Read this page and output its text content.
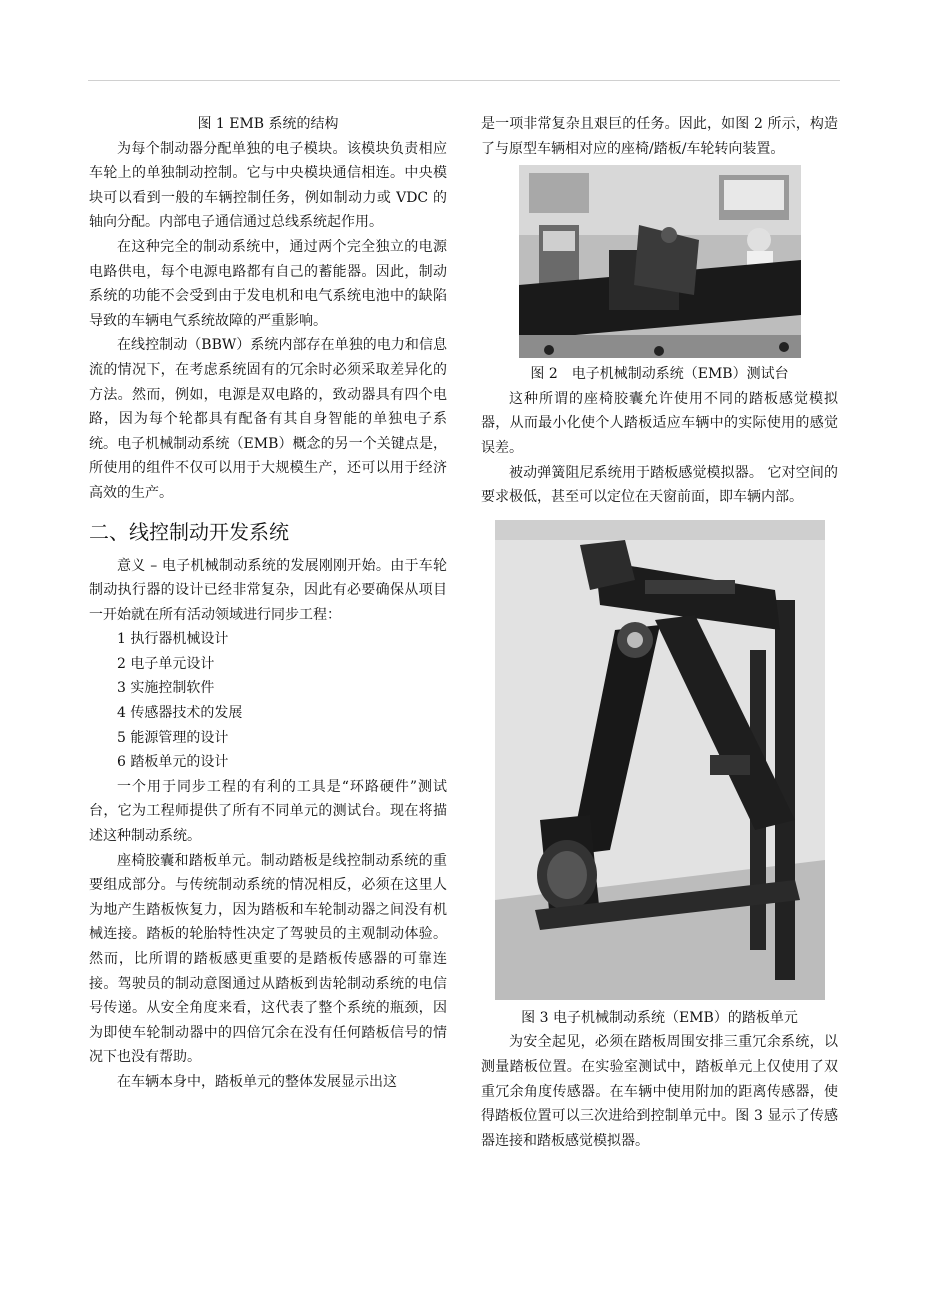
图 1 EMB 系统的结构

为每个制动器分配单独的电子模块。该模块负责相应车轮上的单独制动控制。它与中央模块通信相连。中央模块可以看到一般的车辆控制任务，例如制动力或 VDC 的轴向分配。内部电子通信通过总线系统起作用。

在这种完全的制动系统中，通过两个完全独立的电源电路供电，每个电源电路都有自己的蓄能器。因此，制动系统的功能不会受到由于发电机和电气系统电池中的缺陷导致的车辆电气系统故障的严重影响。

在线控制动（BBW）系统内部存在单独的电力和信息流的情况下，在考虑系统固有的冗余时必须采取差异化的方法。然而，例如，电源是双电路的，致动器具有四个电路，因为每个轮都具有配备有其自身智能的单独电子系统。电子机械制动系统（EMB）概念的另一个关键点是，所使用的组件不仅可以用于大规模生产，还可以用于经济高效的生产。

二、线控制动开发系统

意义 – 电子机械制动系统的发展刚刚开始。由于车轮制动执行器的设计已经非常复杂，因此有必要确保从项目一开始就在所有活动领域进行同步工程：

1 执行器机械设计

2 电子单元设计

3 实施控制软件

4 传感器技术的发展

5 能源管理的设计

6 踏板单元的设计

一个用于同步工程的有利的工具是“环路硬件”测试台，它为工程师提供了所有不同单元的测试台。现在将描述这种制动系统。

座椅胶囊和踏板单元。制动踏板是线控制动系统的重要组成部分。与传统制动系统的情况相反，必须在这里人为地产生踏板恢复力，因为踏板和车轮制动器之间没有机械连接。踏板的轮胎特性决定了驾驶员的主观制动体验。然而，比所谓的踏板感更重要的是踏板传感器的可靠连接。驾驶员的制动意图通过从踏板到齿轮制动系统的电信号传递。从安全角度来看，这代表了整个系统的瓶颈，因为即使车轮制动器中的四倍冗余在没有任何踏板信号的情况下也没有帮助。

在车辆本身中，踏板单元的整体发展显示出这

是一项非常复杂且艰巨的任务。因此，如图 2 所示，构造了与原型车辆相对应的座椅/踏板/车轮转向装置。

图 2　电子机械制动系统（EMB）测试台

这种所谓的座椅胶囊允许使用不同的踏板感觉模拟器，从而最小化使个人踏板适应车辆中的实际使用的感觉误差。

被动弹簧阻尼系统用于踏板感觉模拟器。 它对空间的要求极低，甚至可以定位在天窗前面，即车辆内部。

图 3 电子机械制动系统（EMB）的踏板单元

为安全起见，必须在踏板周围安排三重冗余系统，以测量踏板位置。在实验室测试中，踏板单元上仅使用了双重冗余角度传感器。在车辆中使用附加的距离传感器，使得踏板位置可以三次进给到控制单元中。图 3 显示了传感器连接和踏板感觉模拟器。
